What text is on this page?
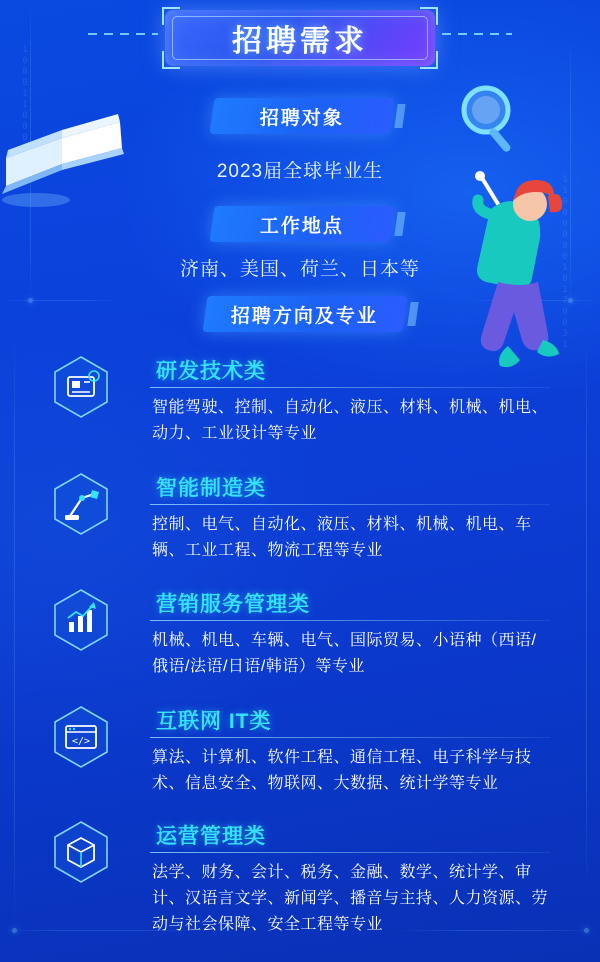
1000110001101
1100000010170031
招聘需求
招聘对象
2023届全球毕业生
工作地点
济南、美国、荷兰、日本等
招聘方向及专业
研发技术类
智能驾驶、控制、自动化、液压、材料、机械、机电、动力、工业设计等专业
智能制造类
控制、电气、自动化、液压、材料、机械、机电、车辆、工业工程、物流工程等专业
营销服务管理类
机械、机电、车辆、电气、国际贸易、小语种（西语/俄语/法语/日语/韩语）等专业
</>
互联网 IT类
算法、计算机、软件工程、通信工程、电子科学与技术、信息安全、物联网、大数据、统计学等专业
运营管理类
法学、财务、会计、税务、金融、数学、统计学、审计、汉语言文学、新闻学、播音与主持、人力资源、劳动与社会保障、安全工程等专业
